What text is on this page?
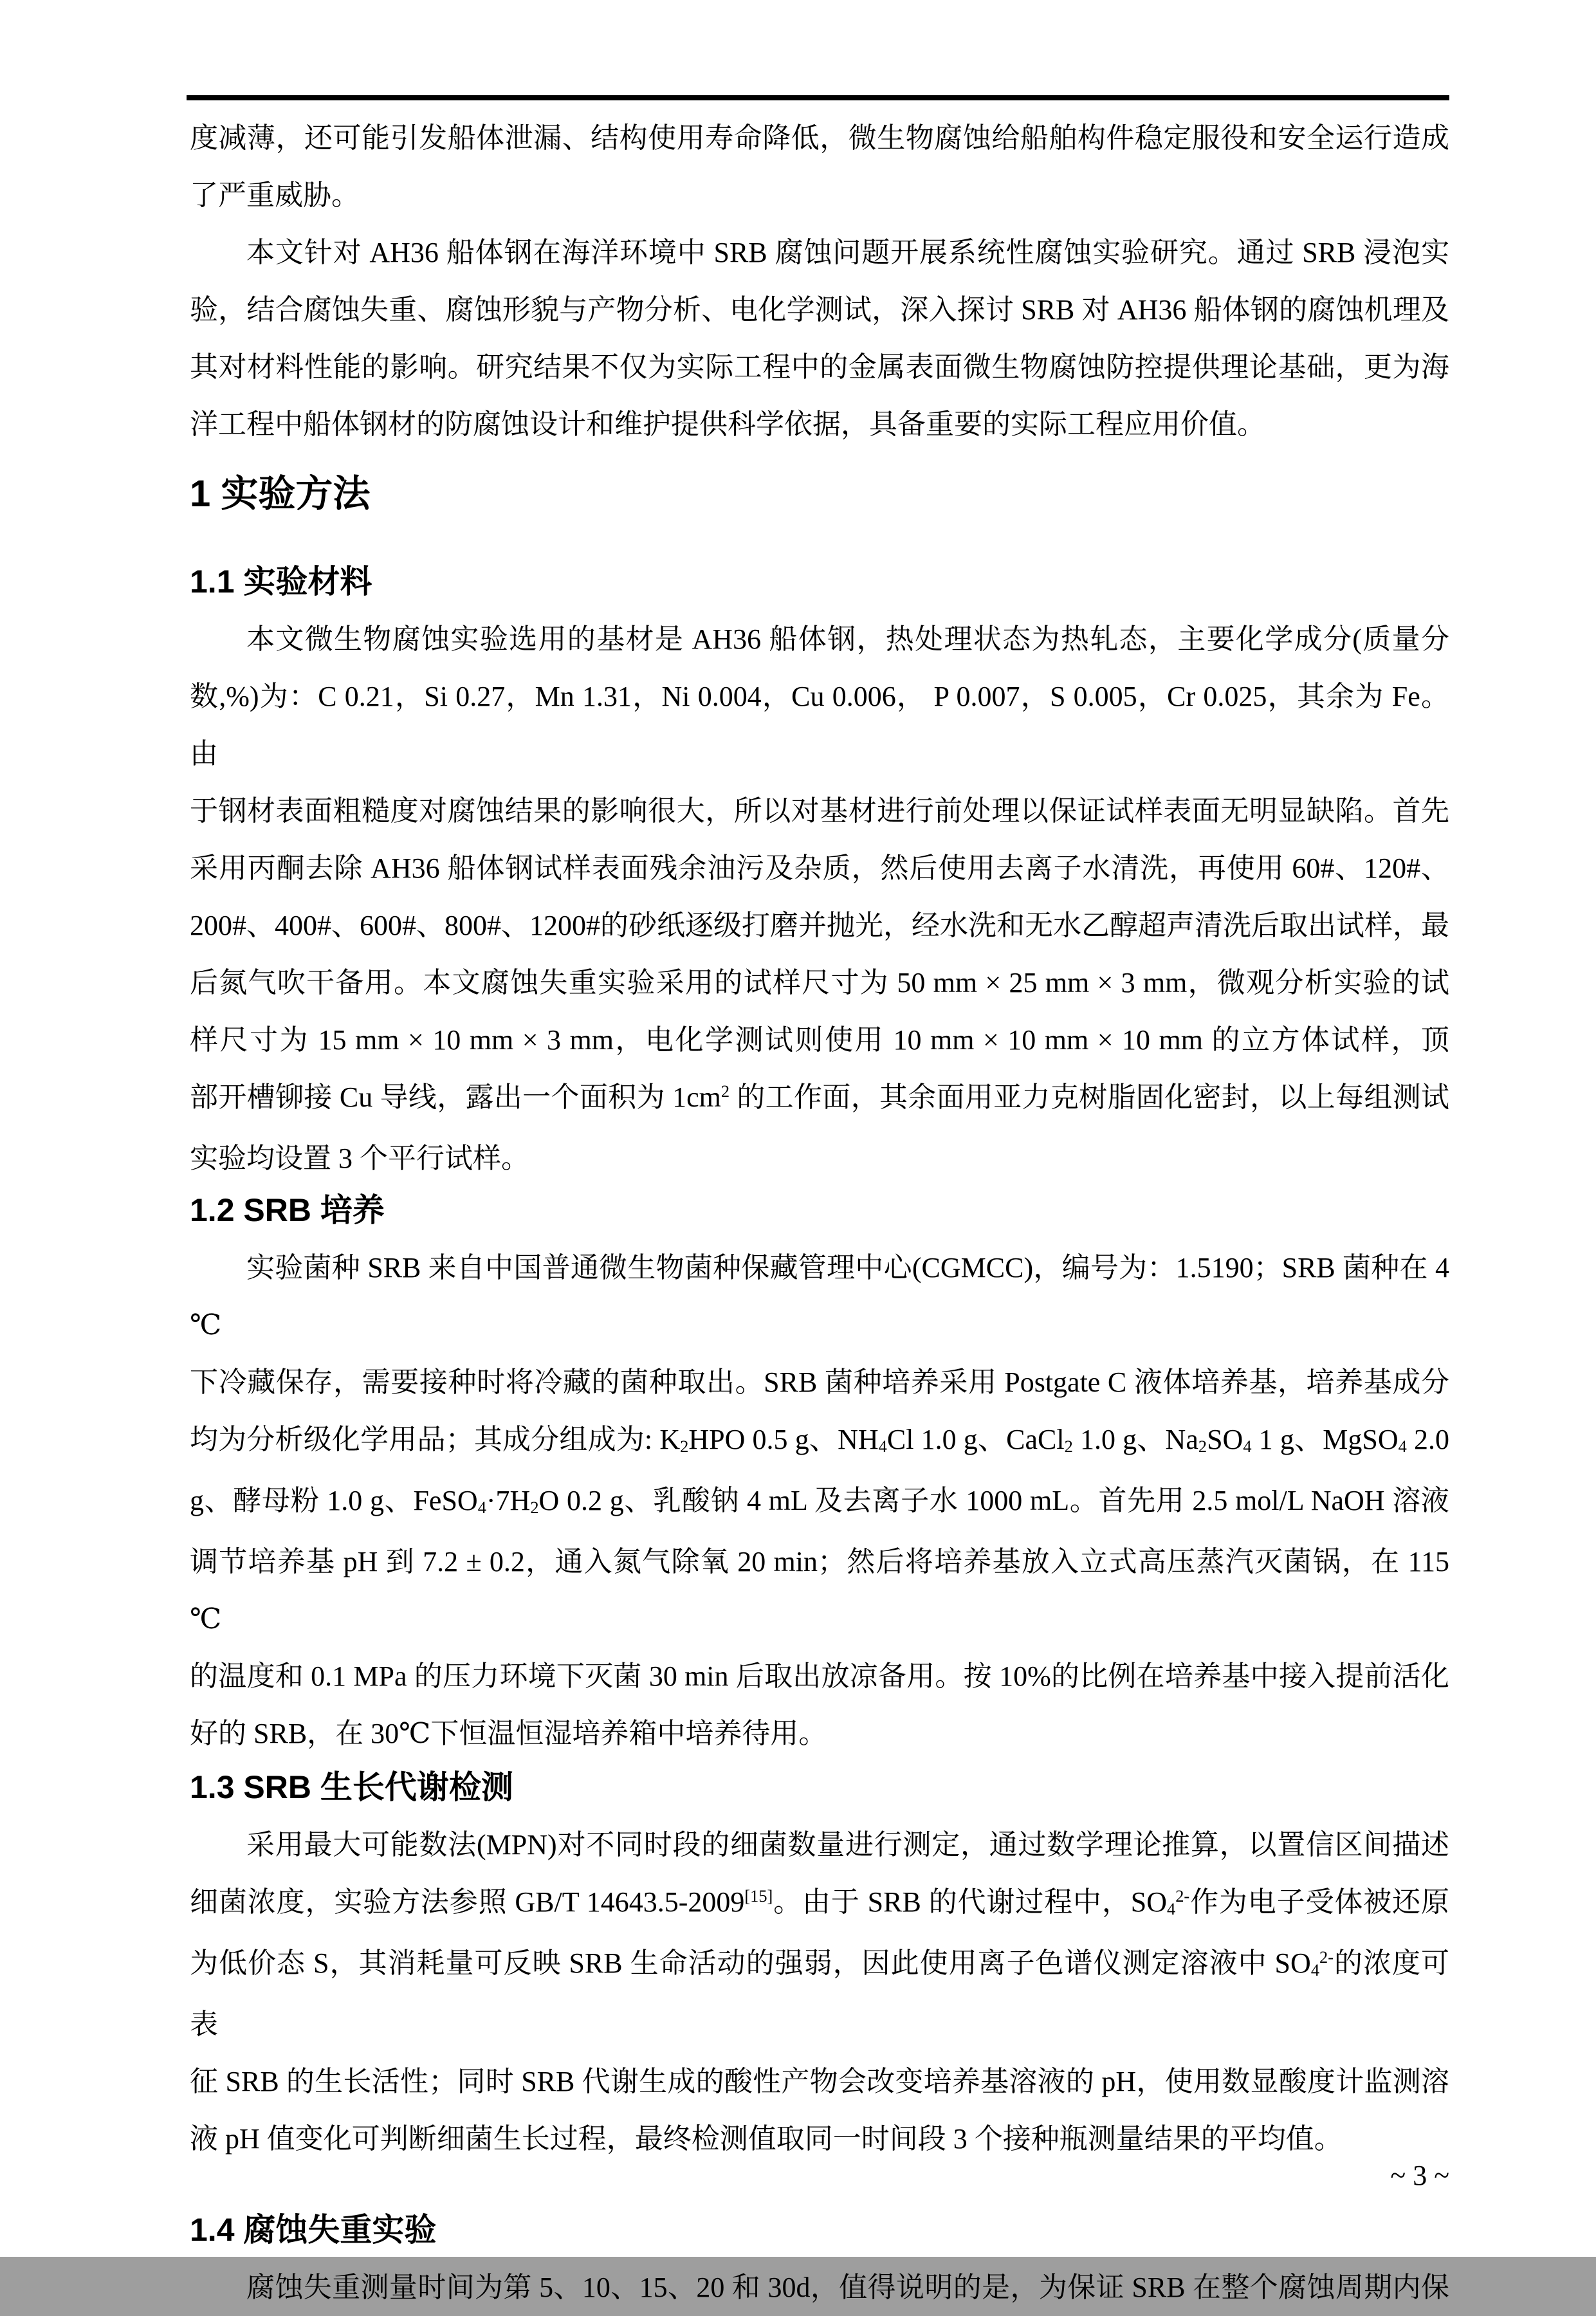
度减薄，还可能引发船体泄漏、结构使用寿命降低，微生物腐蚀给船舶构件稳定服役和安全运行造成
了严重威胁。
本文针对 AH36 船体钢在海洋环境中 SRB 腐蚀问题开展系统性腐蚀实验研究。通过 SRB 浸泡实
验，结合腐蚀失重、腐蚀形貌与产物分析、电化学测试，深入探讨 SRB 对 AH36 船体钢的腐蚀机理及
其对材料性能的影响。研究结果不仅为实际工程中的金属表面微生物腐蚀防控提供理论基础，更为海
洋工程中船体钢材的防腐蚀设计和维护提供科学依据，具备重要的实际工程应用价值。
1 实验方法
1.1 实验材料
本文微生物腐蚀实验选用的基材是 AH36 船体钢，热处理状态为热轧态，主要化学成分(质量分
数,%)为：C 0.21，Si 0.27，Mn 1.31，Ni 0.004，Cu 0.006， P 0.007，S 0.005，Cr 0.025，其余为 Fe。由
于钢材表面粗糙度对腐蚀结果的影响很大，所以对基材进行前处理以保证试样表面无明显缺陷。首先
采用丙酮去除 AH36 船体钢试样表面残余油污及杂质，然后使用去离子水清洗，再使用 60#、120#、
200#、400#、600#、800#、1200#的砂纸逐级打磨并抛光，经水洗和无水乙醇超声清洗后取出试样，最
后氮气吹干备用。本文腐蚀失重实验采用的试样尺寸为 50 mm × 25 mm × 3 mm，微观分析实验的试
样尺寸为 15 mm × 10 mm × 3 mm，电化学测试则使用 10 mm × 10 mm × 10 mm 的立方体试样，顶
部开槽铆接 Cu 导线，露出一个面积为 $1cm^2$ 的工作面，其余面用亚力克树脂固化密封，以上每组测试
实验均设置 3 个平行试样。
1.2 SRB 培养
实验菌种 SRB 来自中国普通微生物菌种保藏管理中心(CGMCC)，编号为：1.5190；SRB 菌种在 4 ℃
下冷藏保存，需要接种时将冷藏的菌种取出。SRB 菌种培养采用 Postgate C 液体培养基，培养基成分
均为分析级化学用品；其成分组成为: $K_2HPO$ 0.5 g、$NH_4Cl$ 1.0 g、CaCl$_2$ 1.0 g、$Na_2SO_4$ 1 g、MgSO$_4$ 2.0
g、酵母粉 1.0 g、$FeSO_4\cdot 7H_2O$ 0.2 g、乳酸钠 4 mL 及去离子水 1000 mL。首先用 2.5 mol/L NaOH 溶液
调节培养基 pH 到 7.2 ± 0.2，通入氮气除氧 20 min；然后将培养基放入立式高压蒸汽灭菌锅，在 115 ℃
的温度和 0.1 MPa 的压力环境下灭菌 30 min 后取出放凉备用。按 10%的比例在培养基中接入提前活化
好的 SRB，在 30℃下恒温恒湿培养箱中培养待用。
1.3 SRB 生长代谢检测
采用最大可能数法(MPN)对不同时段的细菌数量进行测定，通过数学理论推算，以置信区间描述
细菌浓度，实验方法参照 GB/T 14643.5-2009[15]。由于 SRB 的代谢过程中，$SO_4^{2-}$作为电子受体被还原
为低价态 S，其消耗量可反映 SRB 生命活动的强弱，因此使用离子色谱仪测定溶液中 $SO_4^{2-}$的浓度可表
征 SRB 的生长活性；同时 SRB 代谢生成的酸性产物会改变培养基溶液的 pH，使用数显酸度计监测溶
液 pH 值变化可判断细菌生长过程，最终检测值取同一时间段 3 个接种瓶测量结果的平均值。
1.4 腐蚀失重实验
腐蚀失重测量时间为第 5、10、15、20 和 30d，值得说明的是，为保证 SRB 在整个腐蚀周期内保
~ 3 ~
